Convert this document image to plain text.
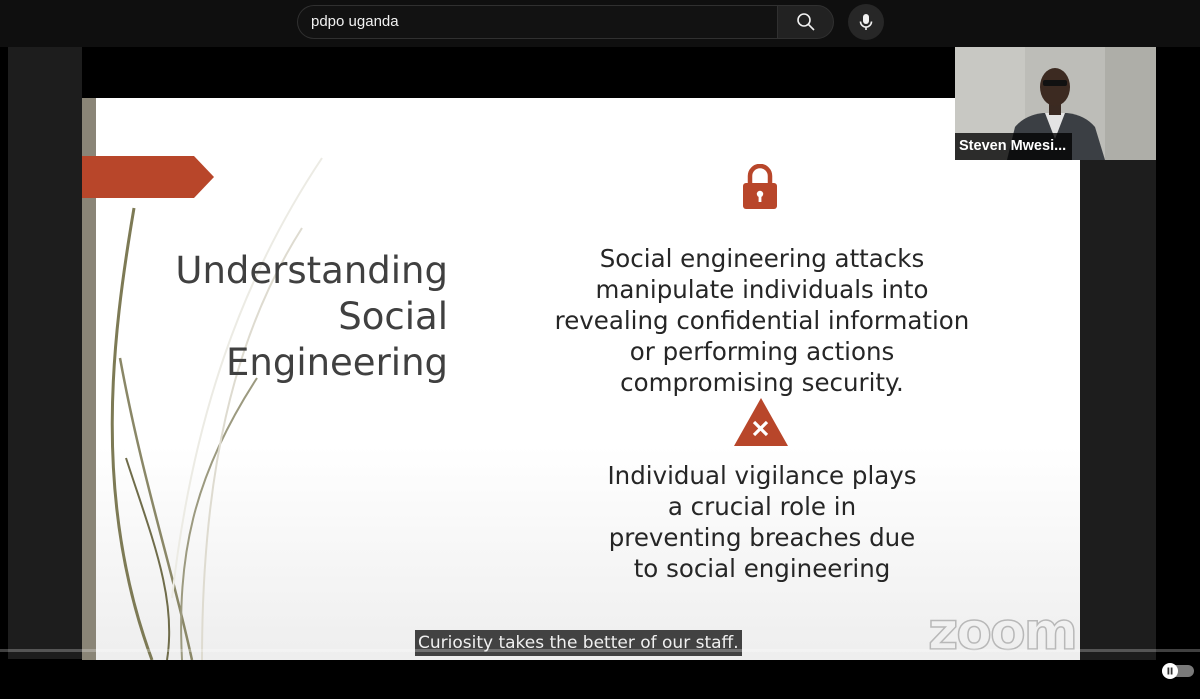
pdpo uganda
Understanding
Social
Engineering
Social engineering attacks
manipulate individuals into
revealing confidential information
or performing actions
compromising security.
Individual vigilance plays
a crucial role in
preventing breaches due
to social engineering
zoom
Steven Mwesi...
Curiosity takes the better of our staff.
